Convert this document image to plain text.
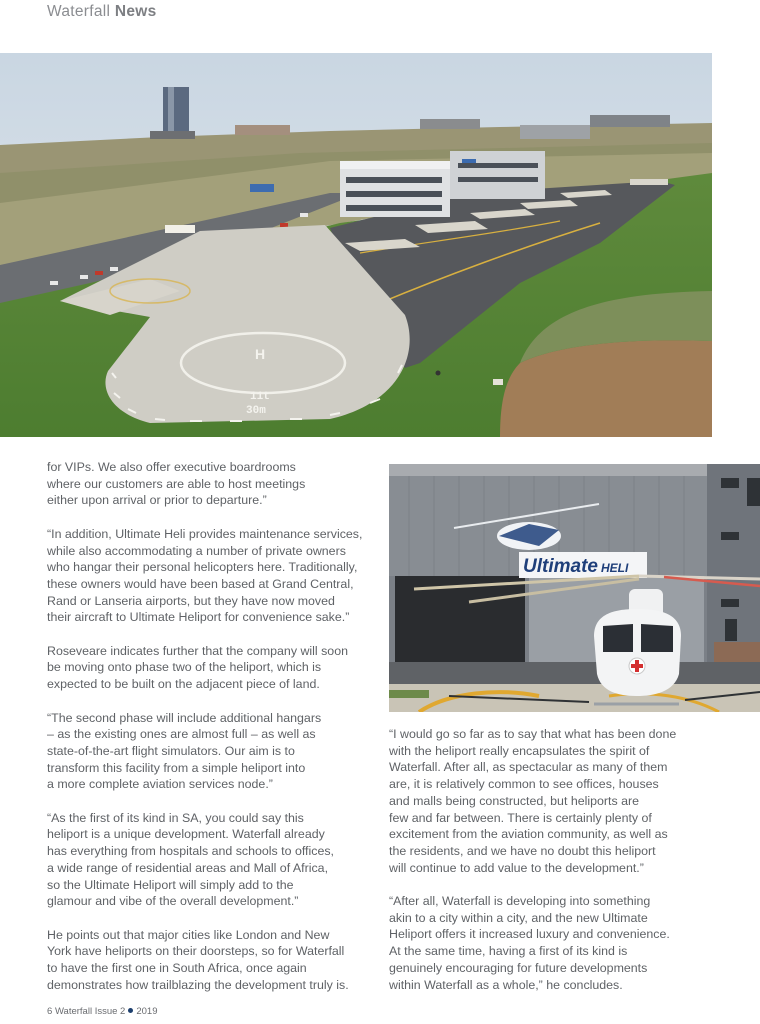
Waterfall News
H
11t
30m
Ultimate HELI

for VIPs. We also offer executive boardrooms
where our customers are able to host meetings
either upon arrival or prior to departure.”

“In addition, Ultimate Heli provides maintenance services,
while also accommodating a number of private owners
who hangar their personal helicopters here. Traditionally,
these owners would have been based at Grand Central,
Rand or Lanseria airports, but they have now moved
their aircraft to Ultimate Heliport for convenience sake.”

Roseveare indicates further that the company will soon
be moving onto phase two of the heliport, which is
expected to be built on the adjacent piece of land.

“The second phase will include additional hangars
– as the existing ones are almost full – as well as
state-of-the-art flight simulators. Our aim is to
transform this facility from a simple heliport into
a more complete aviation services node.”

“As the first of its kind in SA, you could say this
heliport is a unique development. Waterfall already
has everything from hospitals and schools to offices,
a wide range of residential areas and Mall of Africa,
so the Ultimate Heliport will simply add to the
glamour and vibe of the overall development.”

He points out that major cities like London and New
York have heliports on their doorsteps, so for Waterfall
to have the first one in South Africa, once again
demonstrates how trailblazing the development truly is.

“I would go so far as to say that what has been done
with the heliport really encapsulates the spirit of
Waterfall. After all, as spectacular as many of them
are, it is relatively common to see offices, houses
and malls being constructed, but heliports are
few and far between. There is certainly plenty of
excitement from the aviation community, as well as
the residents, and we have no doubt this heliport
will continue to add value to the development.”

“After all, Waterfall is developing into something
akin to a city within a city, and the new Ultimate
Heliport offers it increased luxury and convenience.
At the same time, having a first of its kind is
genuinely encouraging for future developments
within Waterfall as a whole,” he concludes.

6 Waterfall Issue 2 2019
